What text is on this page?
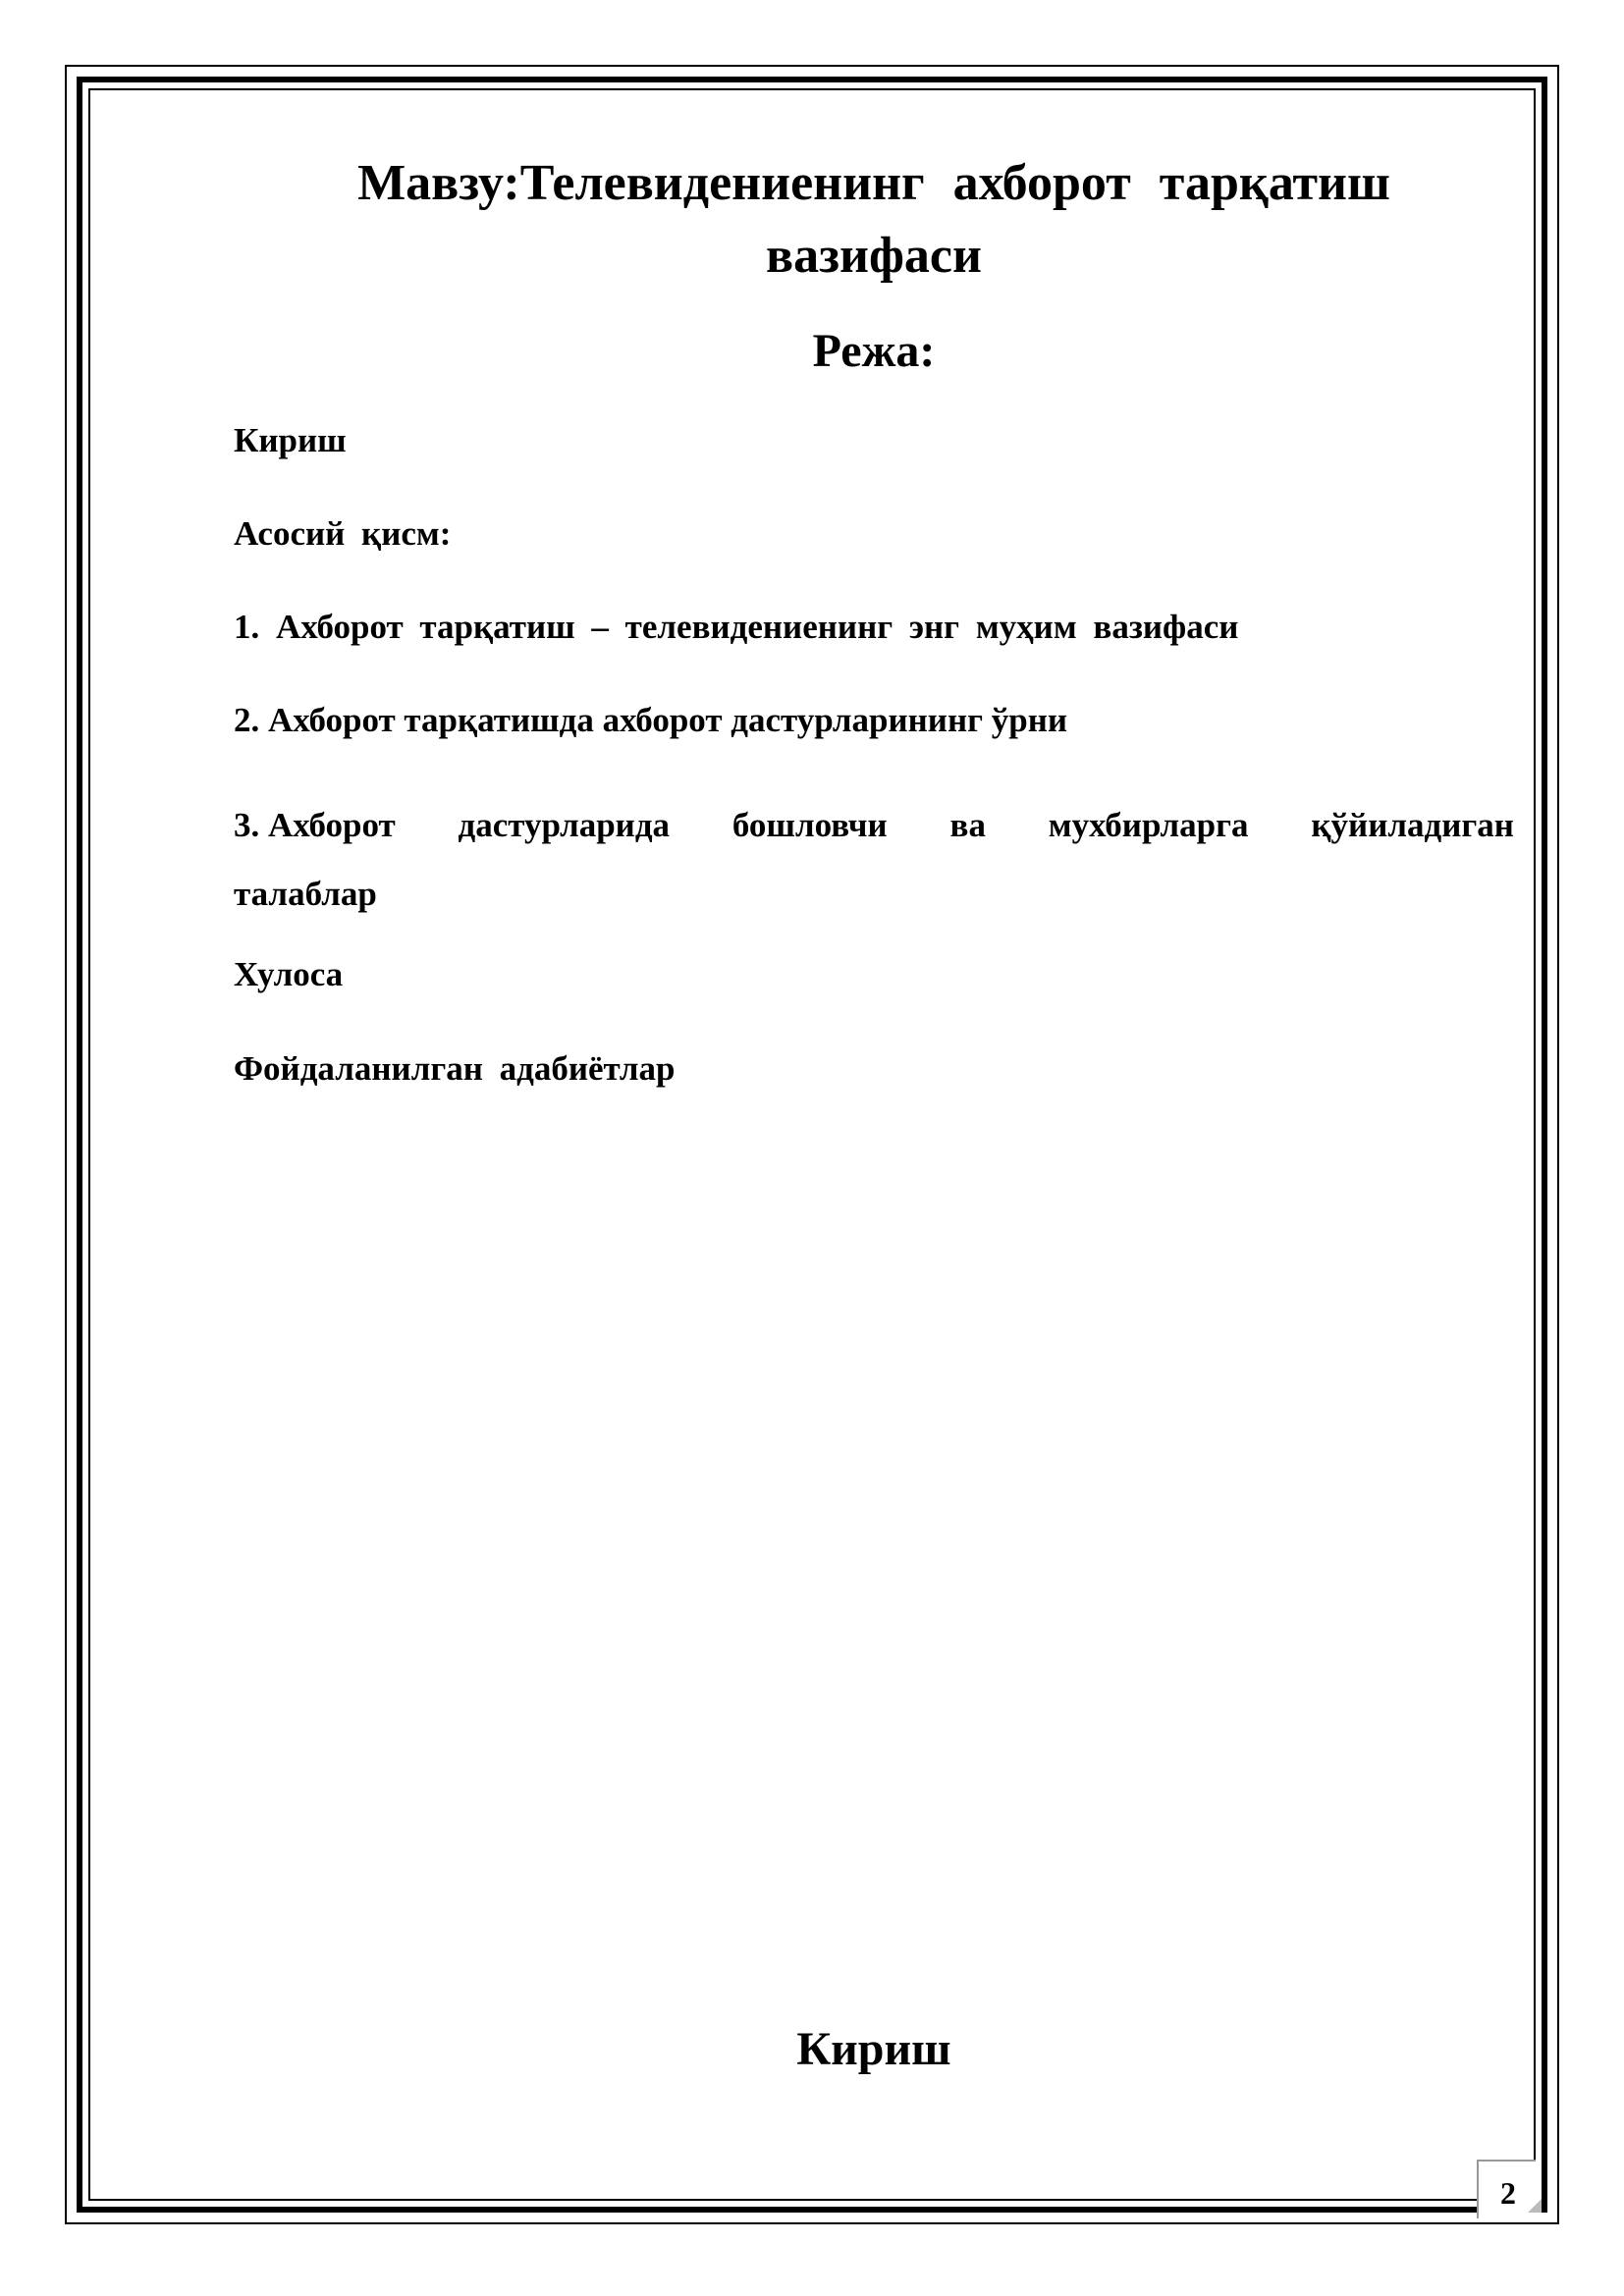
Мавзу:Телевидениенинг ахборот тарқатиш
вазифаси
Режа:

Кириш

Асосий қисм:

1. Ахборот тарқатиш – телевидениенинг энг муҳим вазифаси

2. Ахборот тарқатишда ахборот дастурларининг ўрни

3. Ахборот дастурларида бошловчи ва мухбирларга қўйиладиган
талаблар

Хулоса

Фойдаланилган адабиётлар

Кириш
2
